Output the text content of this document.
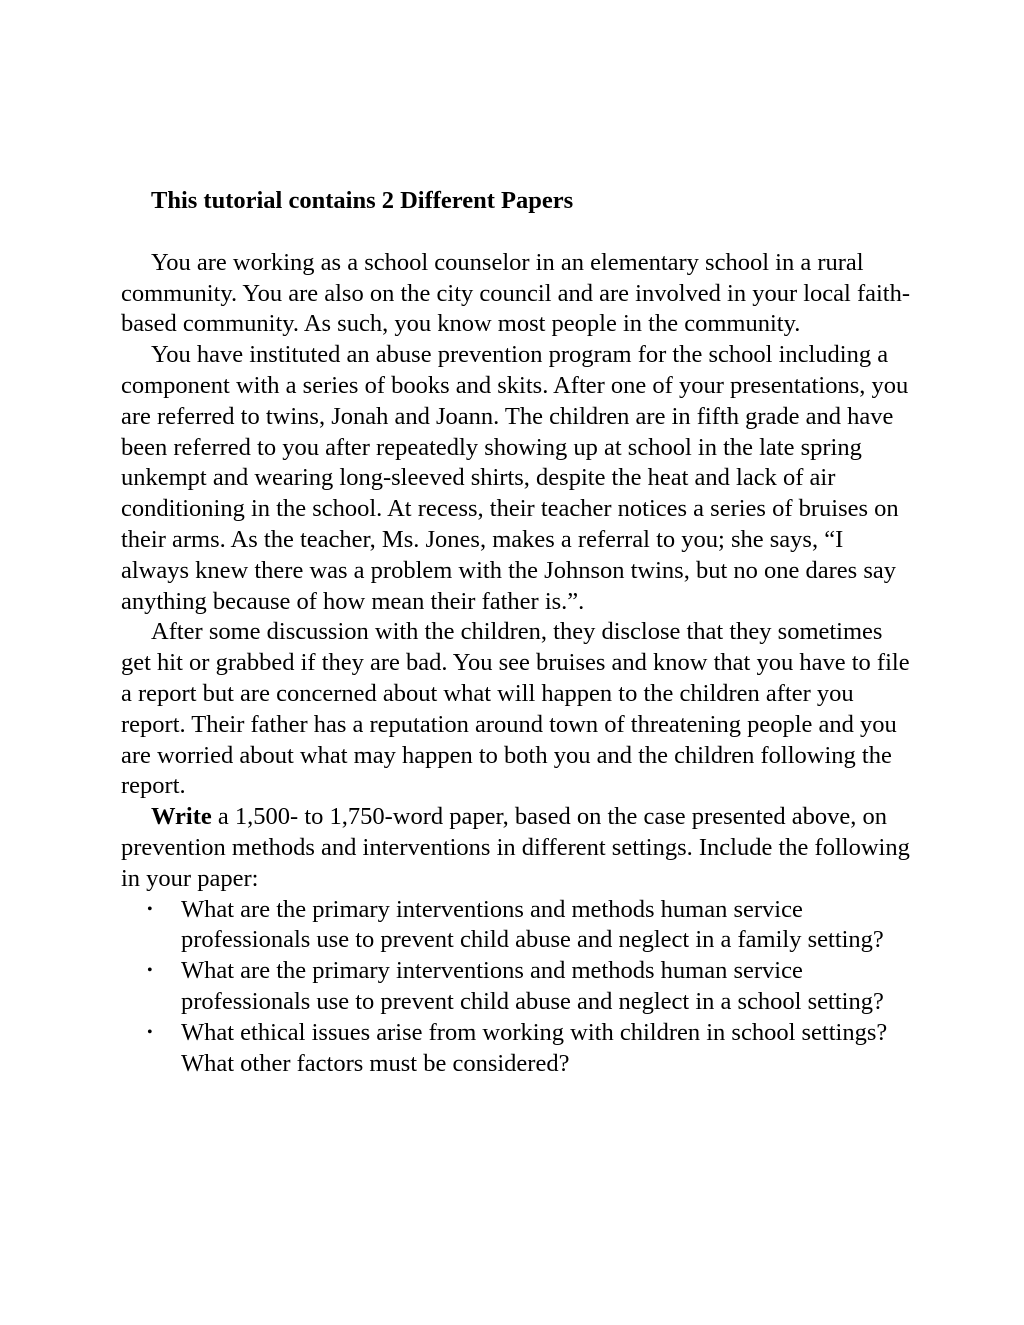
This tutorial contains 2 Different Papers

You are working as a school counselor in an elementary school in a rural community. You are also on the city council and are involved in your local faith-based community. As such, you know most people in the community.

You have instituted an abuse prevention program for the school including a component with a series of books and skits. After one of your presentations, you are referred to twins, Jonah and Joann. The children are in fifth grade and have been referred to you after repeatedly showing up at school in the late spring unkempt and wearing long-sleeved shirts, despite the heat and lack of air conditioning in the school. At recess, their teacher notices a series of bruises on their arms. As the teacher, Ms. Jones, makes a referral to you; she says, “I always knew there was a problem with the Johnson twins, but no one dares say anything because of how mean their father is.”.

After some discussion with the children, they disclose that they sometimes get hit or grabbed if they are bad. You see bruises and know that you have to file a report but are concerned about what will happen to the children after you report. Their father has a reputation around town of threatening people and you are worried about what may happen to both you and the children following the report.

Write a 1,500- to 1,750-word paper, based on the case presented above, on prevention methods and interventions in different settings. Include the following in your paper:

• What are the primary interventions and methods human service professionals use to prevent child abuse and neglect in a family setting?
• What are the primary interventions and methods human service professionals use to prevent child abuse and neglect in a school setting?
• What ethical issues arise from working with children in school settings? What other factors must be considered?
